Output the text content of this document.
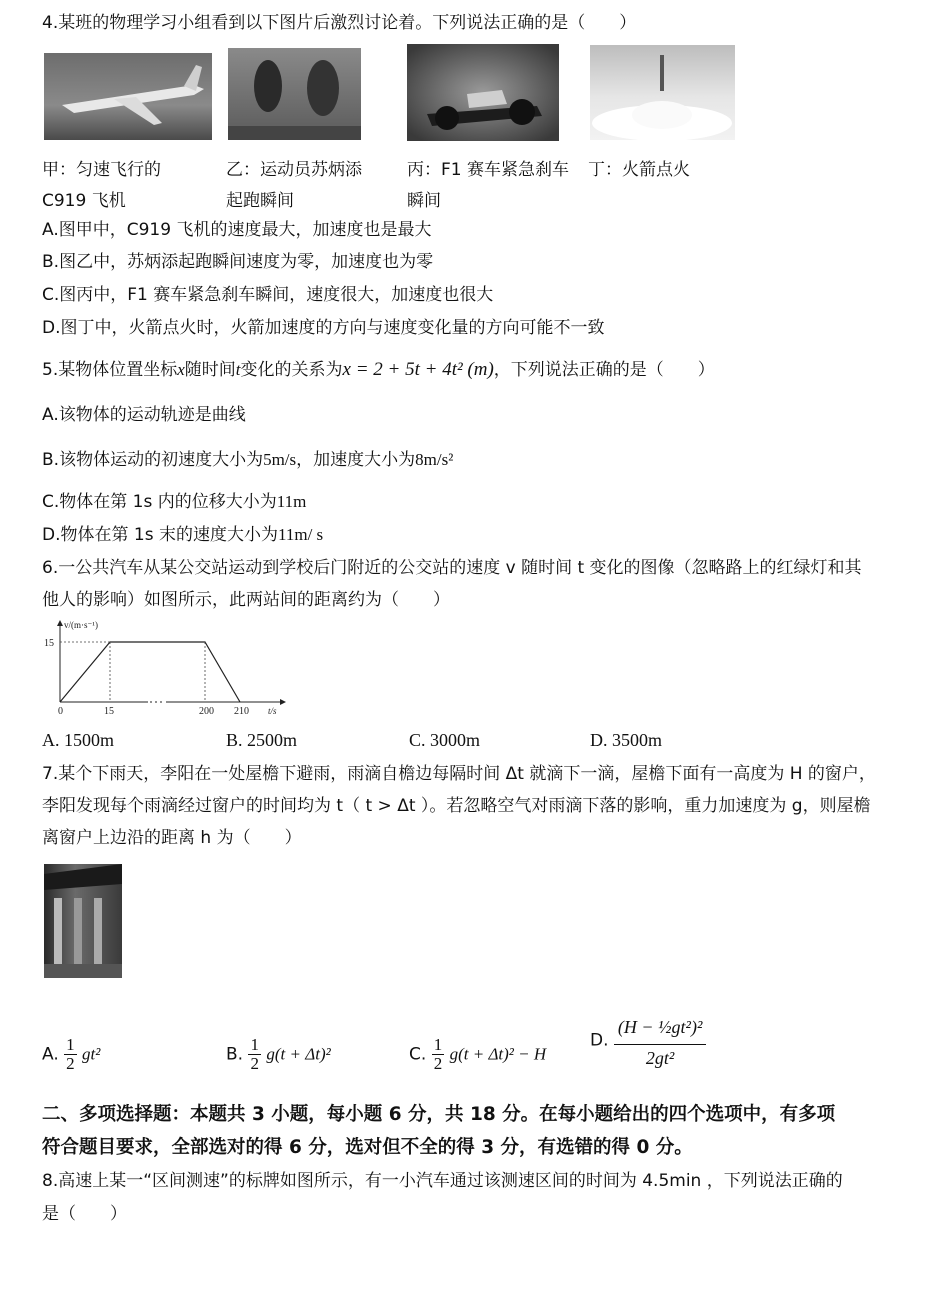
4.某班的物理学习小组看到以下图片后激烈讨论着。下列说法正确的是（　　）
甲：匀速飞行的
C919 飞机
乙：运动员苏炳添
起跑瞬间
丙：F1 赛车紧急刹车
瞬间
丁：火箭点火
A.图甲中，C919 飞机的速度最大，加速度也是最大
B.图乙中，苏炳添起跑瞬间速度为零，加速度也为零
C.图丙中，F1 赛车紧急刹车瞬间，速度很大，加速度也很大
D.图丁中，火箭点火时，火箭加速度的方向与速度变化量的方向可能不一致
5.某物体位置坐标x随时间t变化的关系为x = 2 + 5t + 4t² (m)，下列说法正确的是（　　）
A.该物体的运动轨迹是曲线
B.该物体运动的初速度大小为5m/s，加速度大小为8m/s²
C.物体在第 1s 内的位移大小为11m
D.物体在第 1s 末的速度大小为11m/ s
6.一公共汽车从某公交站运动到学校后门附近的公交站的速度 v 随时间 t 变化的图像（忽略路上的红绿灯和其
他人的影响）如图所示，此两站间的距离约为（　　）
0	15	200 210
15
t/s
v/(m·s⁻¹)
A. 1500m	B. 2500m	C. 3000m	D. 3500m
7.某个下雨天，李阳在一处屋檐下避雨，雨滴自檐边每隔时间 Δt 就滴下一滴，屋檐下面有一高度为 H 的窗户，
李阳发现每个雨滴经过窗户的时间均为 t（ t > Δt ）。若忽略空气对雨滴下落的影响，重力加速度为 g，则屋檐
离窗户上边沿的距离 h 为（　　）
A. $\frac{1}{2} gt^2$	B. $\frac{1}{2} g(t + \Delta t)^2$	C. $\frac{1}{2} g(t + \Delta t)^2 - H$
D. $\frac{\text{(H − ½gt²)²}}{\text{2gt²}}$
二、多项选择题：本题共 3 小题，每小题 6 分，共 18 分。在每小题给出的四个选项中，有多项
符合题目要求，全部选对的得 6 分，选对但不全的得 3 分，有选错的得 0 分。
8.高速上某一“区间测速”的标牌如图所示，有一小汽车通过该测速区间的时间为 4.5min ，下列说法正确的
是（　　）
